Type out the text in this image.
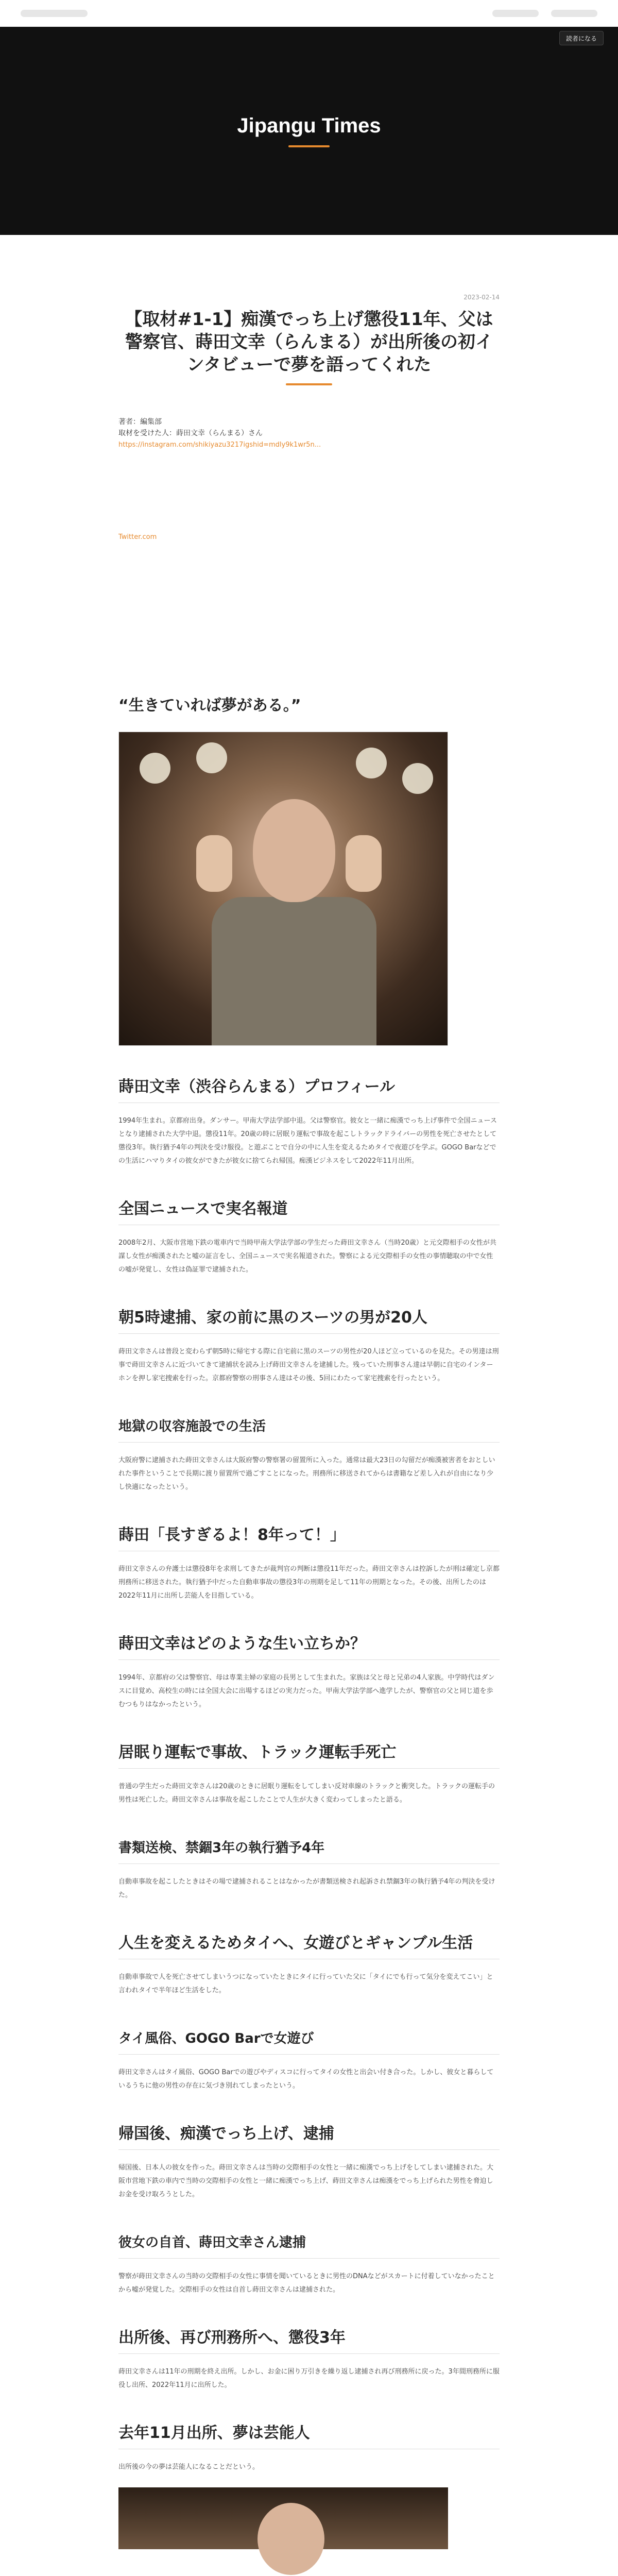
読者になる
Jipangu Times
2023-02-14
【取材#1-1】痴漢でっち上げ懲役11年、父は警察官、蒔田文幸（らんまる）が出所後の初インタビューで夢を語ってくれた
著者：編集部
取材を受けた人：蒔田文幸（らんまる）さん
https://instagram.com/shikiyazu3217igshid=mdly9k1wr5n...
Twitter.com
“生きていれば夢がある。”
蒔田文幸（渋谷らんまる）プロフィール

1994年生まれ。京都府出身。ダンサー。甲南大学法学部中退。父は警察官。彼女と一緒に痴漢でっち上げ事件で全国ニュースとなり逮捕された大学中退。懲役11年。20歳の時に居眠り運転で事故を起こしトラックドライバーの男性を死亡させたとして懲役3年。執行猶予4年の判決を受け服役。と遊ぶことで自分の中に人生を変えるためタイで夜遊びを学ぶ。GOGO Barなどでの生活にハマりタイの彼女ができたが彼女に捨てられ帰国。痴漢ビジネスをして2022年11月出所。

全国ニュースで実名報道

2008年2月、大阪市営地下鉄の電車内で当時甲南大学法学部の学生だった蒔田文幸さん（当時20歳）と元交際相手の女性が共謀し女性が痴漢されたと嘘の証言をし、全国ニュースで実名報道された。警察による元交際相手の女性の事情聴取の中で女性の嘘が発覚し、女性は偽証罪で逮捕された。

朝5時逮捕、家の前に黒のスーツの男が20人

蒔田文幸さんは普段と変わらず朝5時に帰宅する際に自宅前に黒のスーツの男性が20人ほど立っているのを見た。その男達は刑事で蒔田文幸さんに近づいてきて逮捕状を読み上げ蒔田文幸さんを逮捕した。残っていた刑事さん達は早朝に自宅のインターホンを押し家宅捜索を行った。京都府警察の刑事さん達はその後、5回にわたって家宅捜索を行ったという。

地獄の収容施設での生活

大阪府警に逮捕された蒔田文幸さんは大阪府警の警察署の留置所に入った。通常は最大23日の勾留だが痴漢被害者をおとしいれた事件ということで長期に渡り留置所で過ごすことになった。刑務所に移送されてからは書籍など差し入れが自由になり少し快適になったという。

蒔田「長すぎるよ！8年って！」

蒔田文幸さんの弁護士は懲役8年を求刑してきたが裁判官の判断は懲役11年だった。蒔田文幸さんは控訴したが刑は確定し京都刑務所に移送された。執行猶予中だった自動車事故の懲役3年の刑期を足して11年の刑期となった。その後、出所したのは2022年11月に出所し芸能人を目指している。

蒔田文幸はどのような生い立ちか？

1994年、京都府の父は警察官、母は専業主婦の家庭の長男として生まれた。家族は父と母と兄弟の4人家族。中学時代はダンスに目覚め、高校生の時には全国大会に出場するほどの実力だった。甲南大学法学部へ進学したが、警察官の父と同じ道を歩むつもりはなかったという。

居眠り運転で事故、トラック運転手死亡

普通の学生だった蒔田文幸さんは20歳のときに居眠り運転をしてしまい反対車線のトラックと衝突した。トラックの運転手の男性は死亡した。蒔田文幸さんは事故を起こしたことで人生が大きく変わってしまったと語る。

書類送検、禁錮3年の執行猶予4年

自動車事故を起こしたときはその場で逮捕されることはなかったが書類送検され起訴され禁錮3年の執行猶予4年の判決を受けた。

人生を変えるためタイへ、女遊びとギャンブル生活

自動車事故で人を死亡させてしまいうつになっていたときにタイに行っていた父に「タイにでも行って気分を変えてこい」と言われタイで半年ほど生活をした。

タイ風俗、GOGO Barで女遊び

蒔田文幸さんはタイ風俗、GOGO Barでの遊びやディスコに行ってタイの女性と出会い付き合った。しかし、彼女と暮らしているうちに他の男性の存在に気づき別れてしまったという。

帰国後、痴漢でっち上げ、逮捕

帰国後、日本人の彼女を作った。蒔田文幸さんは当時の交際相手の女性と一緒に痴漢でっち上げをしてしまい逮捕された。大阪市営地下鉄の車内で当時の交際相手の女性と一緒に痴漢でっち上げ、蒔田文幸さんは痴漢をでっち上げられた男性を脅迫しお金を受け取ろうとした。

彼女の自首、蒔田文幸さん逮捕

警察が蒔田文幸さんの当時の交際相手の女性に事情を聞いているときに男性のDNAなどがスカートに付着していなかったことから嘘が発覚した。交際相手の女性は自首し蒔田文幸さんは逮捕された。

出所後、再び刑務所へ、懲役3年

蒔田文幸さんは11年の刑期を終え出所。しかし、お金に困り万引きを繰り返し逮捕され再び刑務所に戻った。3年間刑務所に服役し出所、2022年11月に出所した。

去年11月出所、夢は芸能人

出所後の今の夢は芸能人になることだという。
